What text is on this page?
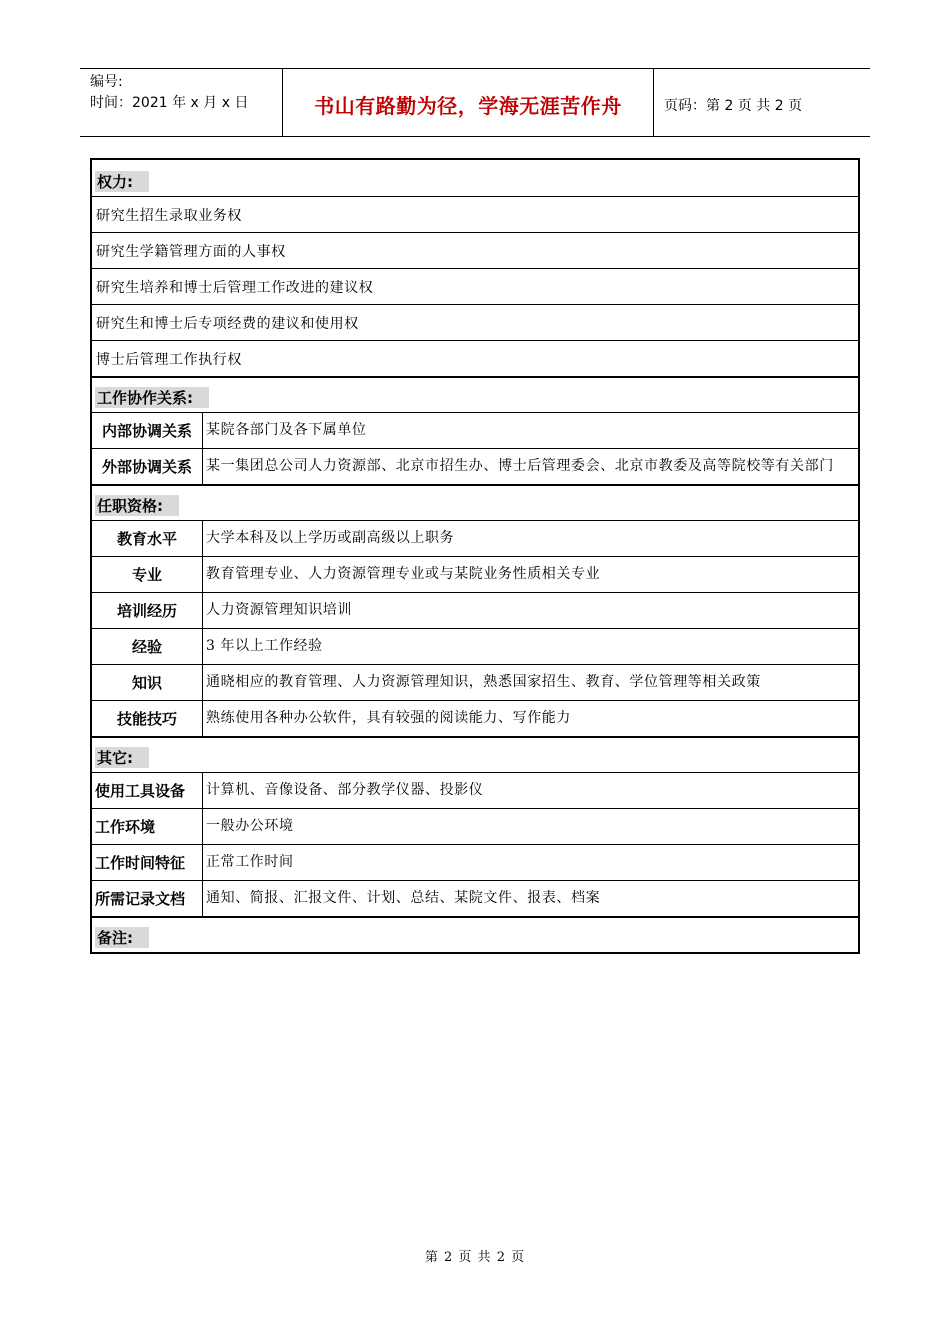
编号:
时间：2021 年 x 月 x 日	书山有路勤为径，学海无涯苦作舟	页码：第 2 页 共 2 页
权力:
研究生招生录取业务权
研究生学籍管理方面的人事权
研究生培养和博士后管理工作改进的建议权
研究生和博士后专项经费的建议和使用权
博士后管理工作执行权
工作协作关系:
内部协调关系	某院各部门及各下属单位
外部协调关系	某一集团总公司人力资源部、北京市招生办、博士后管理委会、北京市教委及高等院校等有关部门
任职资格:
教育水平	大学本科及以上学历或副高级以上职务
专业	教育管理专业、人力资源管理专业或与某院业务性质相关专业
培训经历	人力资源管理知识培训
经验	3 年以上工作经验
知识	通晓相应的教育管理、人力资源管理知识，熟悉国家招生、教育、学位管理等相关政策
技能技巧	熟练使用各种办公软件，具有较强的阅读能力、写作能力
其它:
使用工具设备	计算机、音像设备、部分教学仪器、投影仪
工作环境	一般办公环境
工作时间特征	正常工作时间
所需记录文档	通知、简报、汇报文件、计划、总结、某院文件、报表、档案
备注:
第 2 页 共 2 页
